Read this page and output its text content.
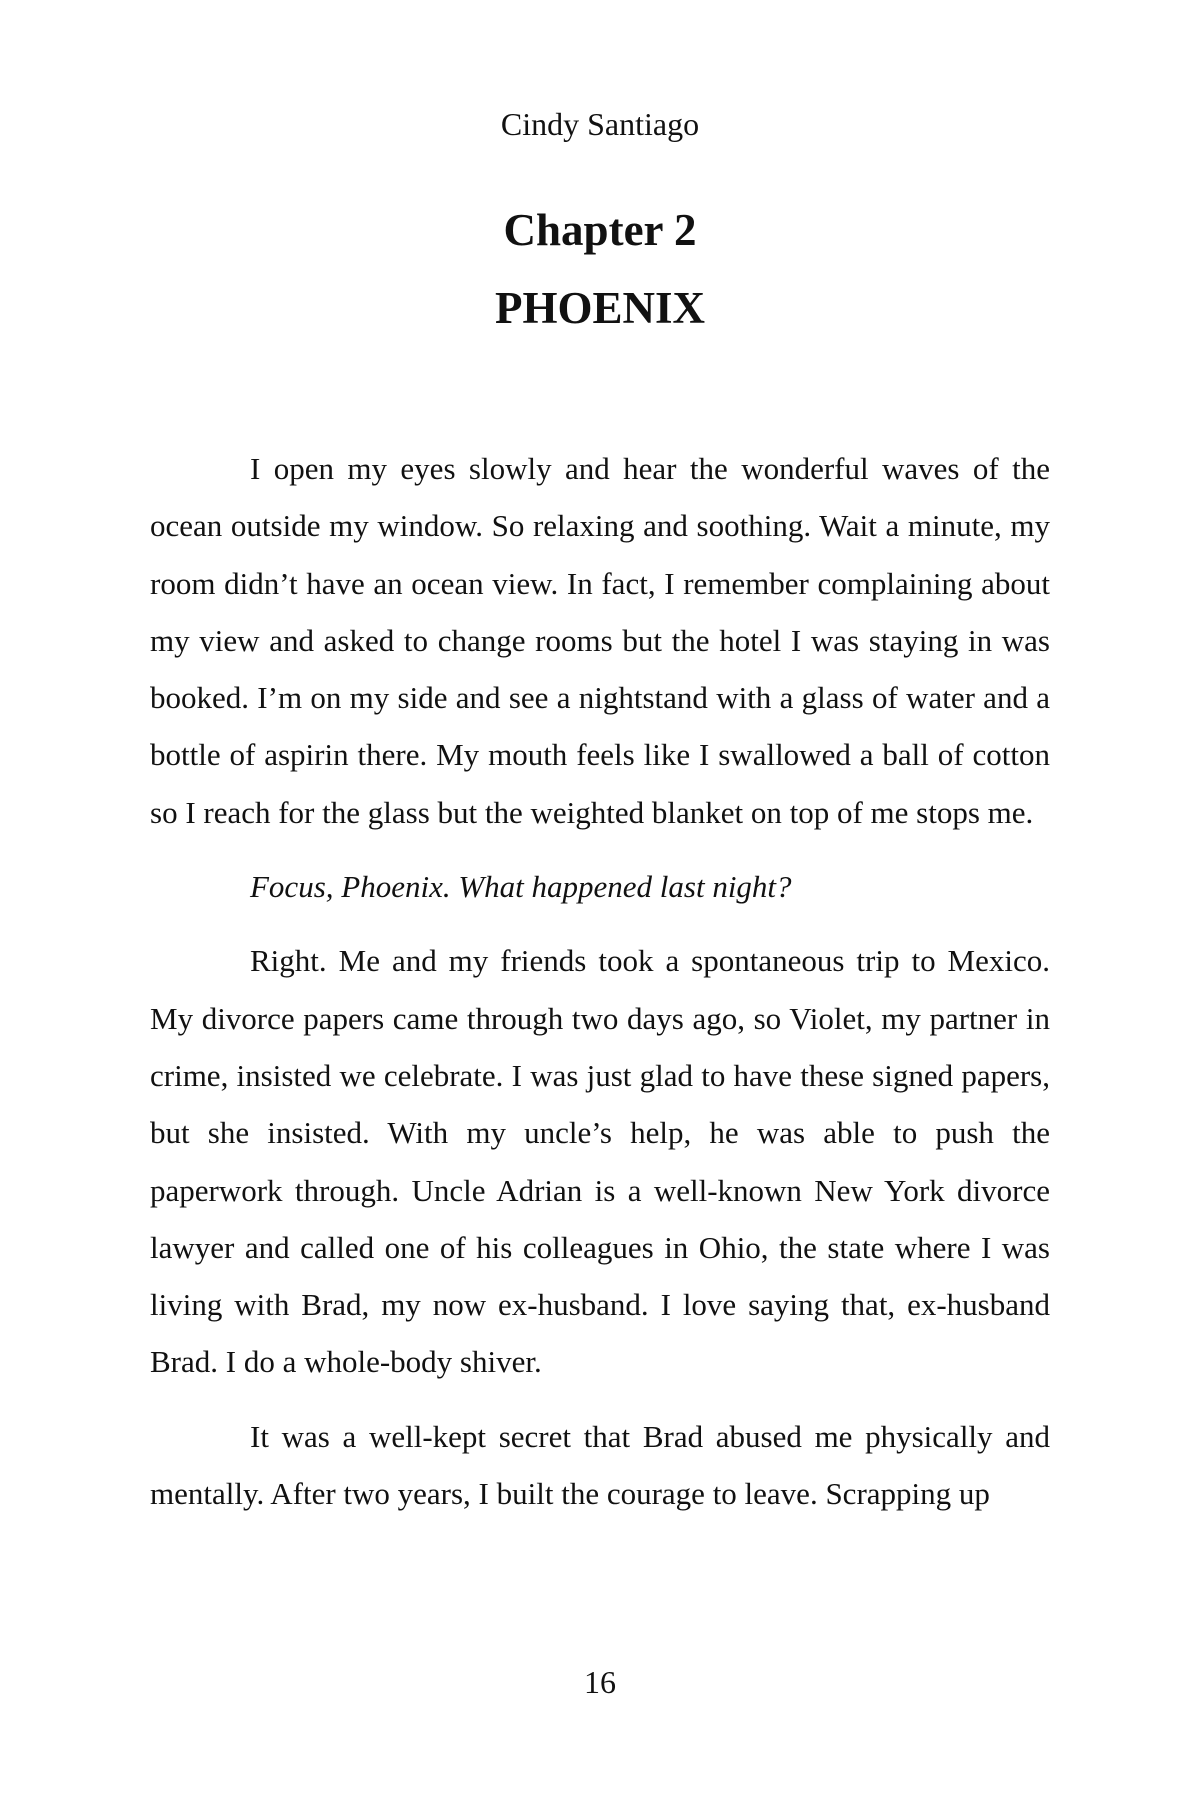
Cindy Santiago
Chapter 2
PHOENIX

I open my eyes slowly and hear the wonderful waves of the ocean outside my window. So relaxing and soothing. Wait a minute, my room didn’t have an ocean view. In fact, I remember complaining about my view and asked to change rooms but the hotel I was staying in was booked. I’m on my side and see a nightstand with a glass of water and a bottle of aspirin there. My mouth feels like I swallowed a ball of cotton so I reach for the glass but the weighted blanket on top of me stops me.

Focus, Phoenix. What happened last night?

Right. Me and my friends took a spontaneous trip to Mexico. My divorce papers came through two days ago, so Violet, my partner in crime, insisted we celebrate. I was just glad to have these signed papers, but she insisted. With my uncle’s help, he was able to push the paperwork through. Uncle Adrian is a well-known New York divorce lawyer and called one of his colleagues in Ohio, the state where I was living with Brad, my now ex-husband. I love saying that, ex-husband Brad. I do a whole-body shiver.

It was a well-kept secret that Brad abused me physically and mentally. After two years, I built the courage to leave. Scrapping up

16
